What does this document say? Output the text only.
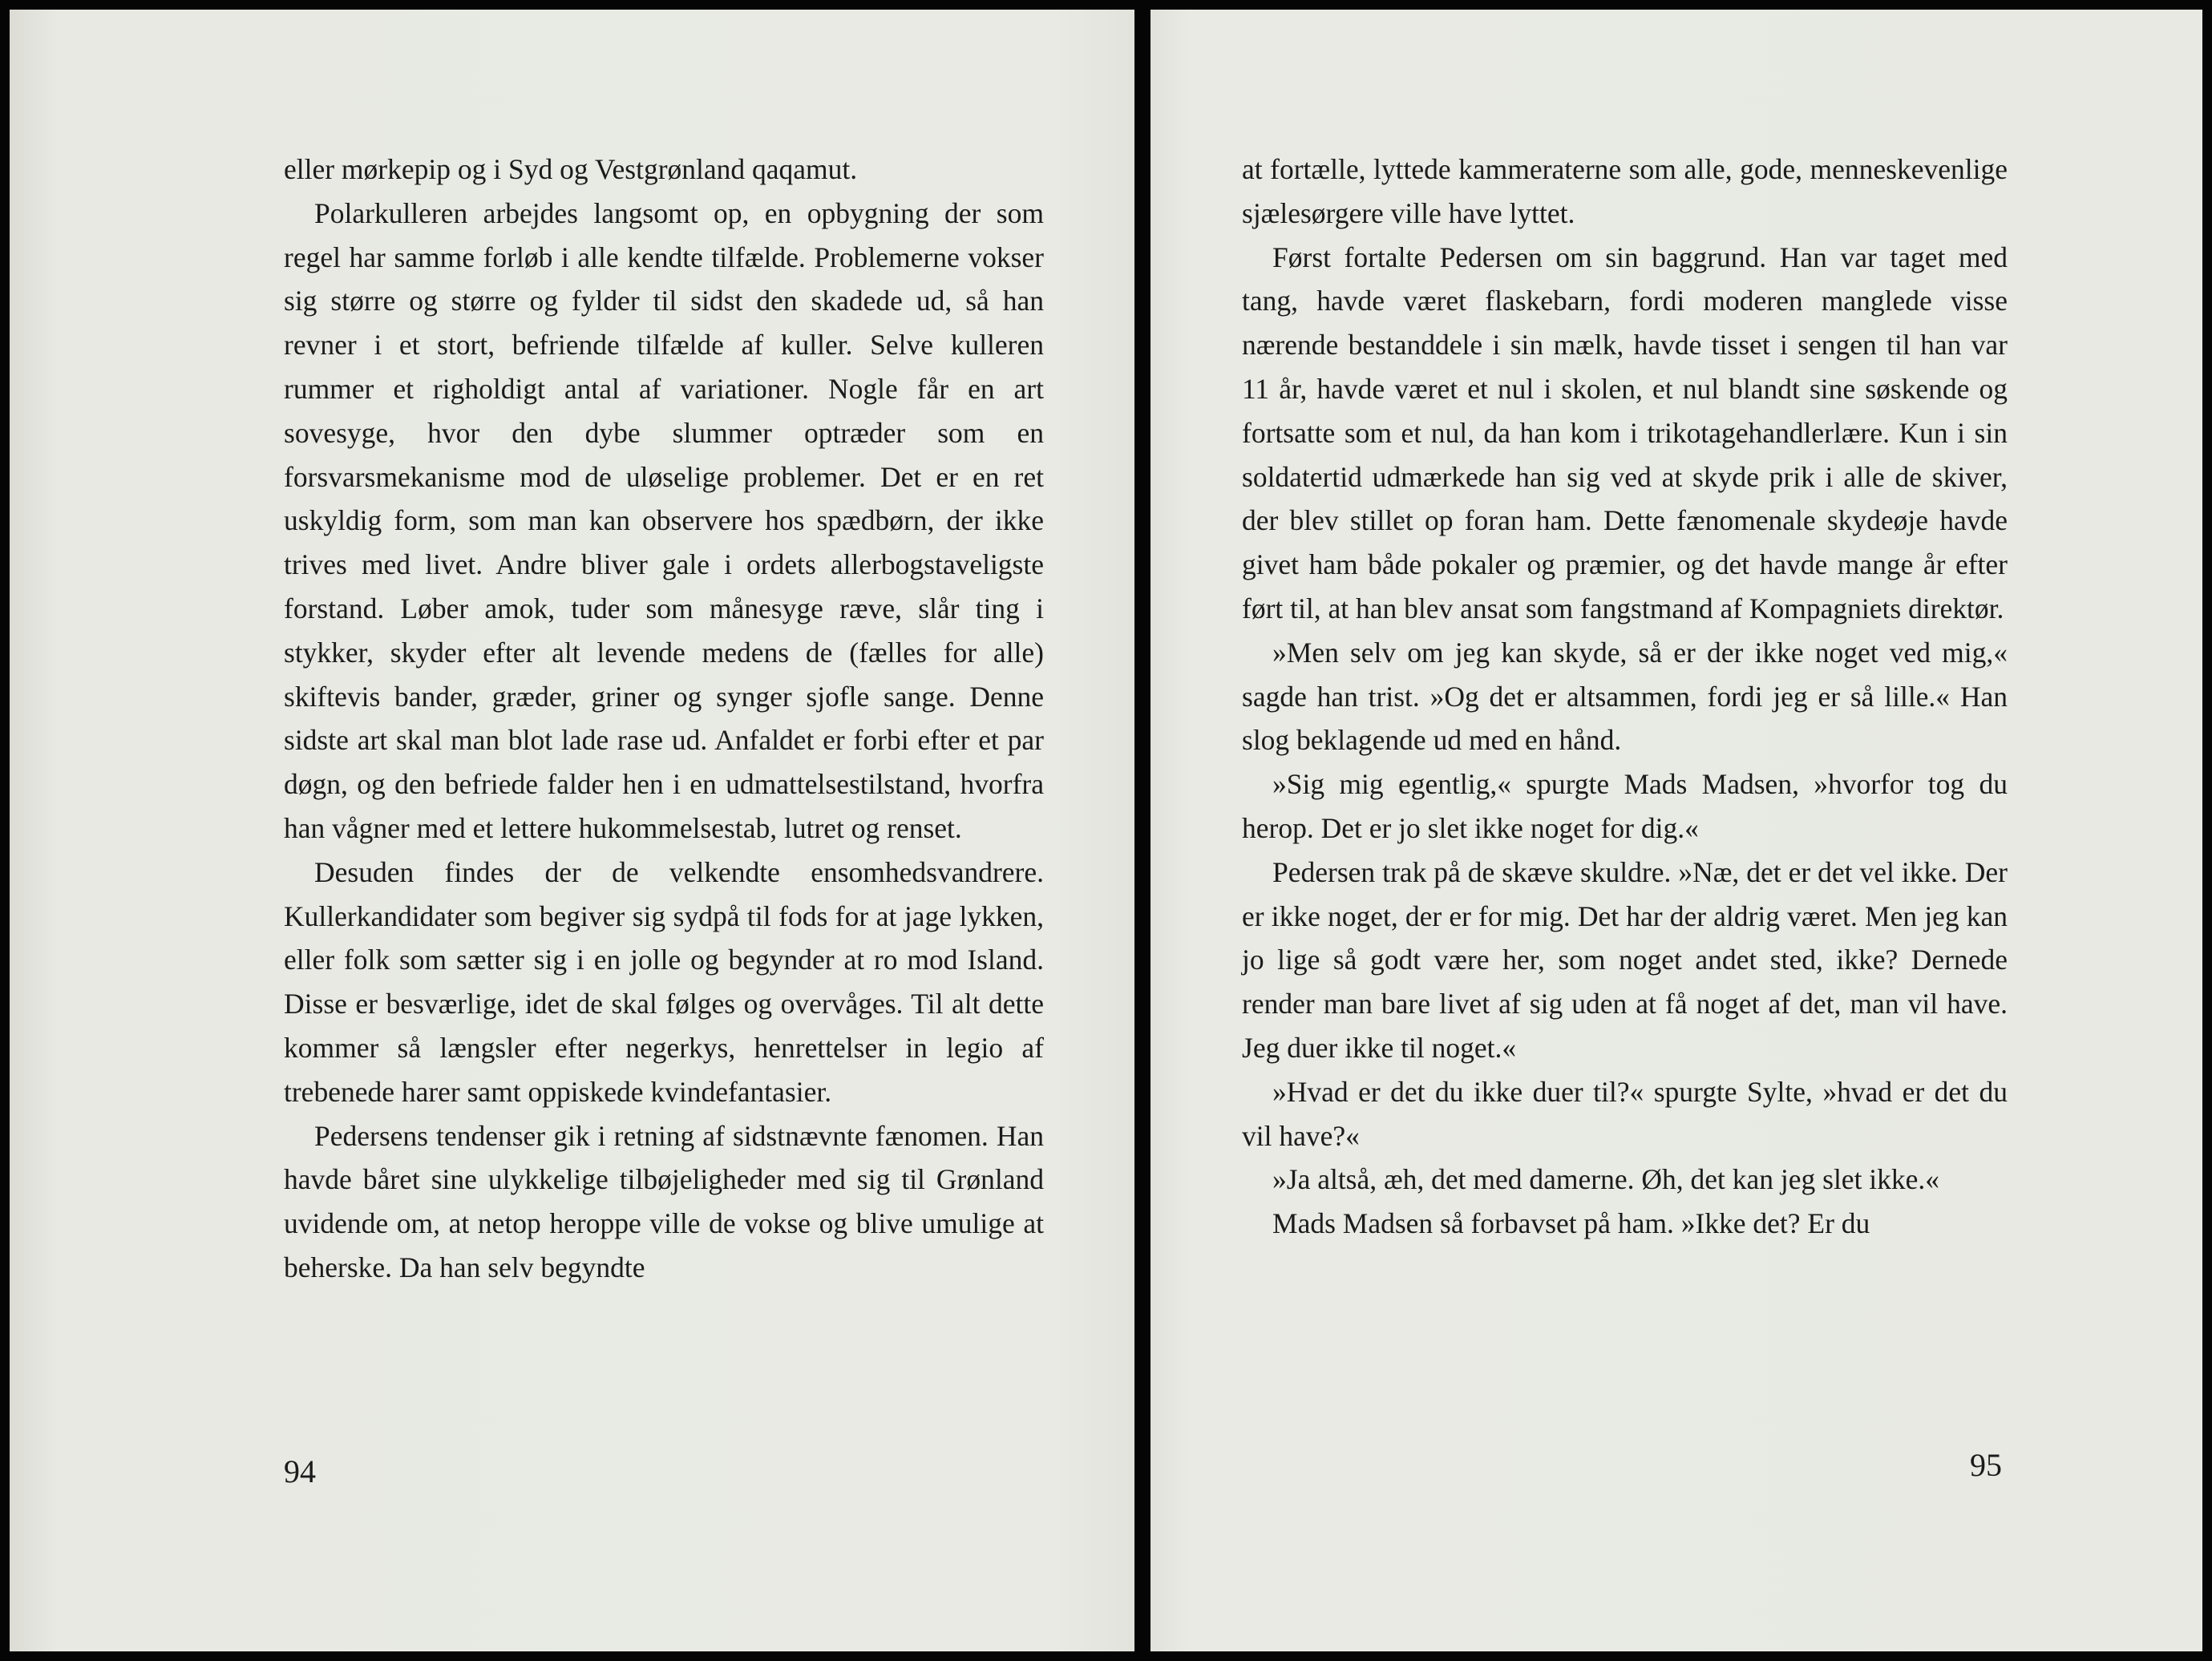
eller mørkepip og i Syd og Vestgrønland qaqamut.

Polarkulleren arbejdes langsomt op, en opbygning der som regel har samme forløb i alle kendte tilfælde. Problemerne vokser sig større og større og fylder til sidst den skadede ud, så han revner i et stort, befriende tilfælde af kuller. Selve kulleren rummer et righoldigt antal af variationer. Nogle får en art sovesyge, hvor den dybe slummer optræder som en forsvarsmekanisme mod de uløselige problemer. Det er en ret uskyldig form, som man kan observere hos spædbørn, der ikke trives med livet. Andre bliver gale i ordets allerbogstaveligste forstand. Løber amok, tuder som månesyge ræve, slår ting i stykker, skyder efter alt levende medens de (fælles for alle) skiftevis bander, græder, griner og synger sjofle sange. Denne sidste art skal man blot lade rase ud. Anfaldet er forbi efter et par døgn, og den befriede falder hen i en udmattelsestilstand, hvorfra han vågner med et lettere hukommelsestab, lutret og renset.

Desuden findes der de velkendte ensomhedsvandrere. Kullerkandidater som begiver sig sydpå til fods for at jage lykken, eller folk som sætter sig i en jolle og begynder at ro mod Island. Disse er besværlige, idet de skal følges og overvåges. Til alt dette kommer så længsler efter negerkys, henrettelser in legio af trebenede harer samt oppiskede kvindefantasier.

Pedersens tendenser gik i retning af sidstnævnte fænomen. Han havde båret sine ulykkelige tilbøjeligheder med sig til Grønland uvidende om, at netop heroppe ville de vokse og blive umulige at beherske. Da han selv begyndte

94

at fortælle, lyttede kammeraterne som alle, gode, menneskevenlige sjælesørgere ville have lyttet.

Først fortalte Pedersen om sin baggrund. Han var taget med tang, havde været flaskebarn, fordi moderen manglede visse nærende bestanddele i sin mælk, havde tisset i sengen til han var 11 år, havde været et nul i skolen, et nul blandt sine søskende og fortsatte som et nul, da han kom i trikotagehandlerlære. Kun i sin soldatertid udmærkede han sig ved at skyde prik i alle de skiver, der blev stillet op foran ham. Dette fænomenale skydeøje havde givet ham både pokaler og præmier, og det havde mange år efter ført til, at han blev ansat som fangstmand af Kompagniets direktør.

»Men selv om jeg kan skyde, så er der ikke noget ved mig,« sagde han trist. »Og det er altsammen, fordi jeg er så lille.« Han slog beklagende ud med en hånd.

»Sig mig egentlig,« spurgte Mads Madsen, »hvorfor tog du herop. Det er jo slet ikke noget for dig.«

Pedersen trak på de skæve skuldre. »Næ, det er det vel ikke. Der er ikke noget, der er for mig. Det har der aldrig været. Men jeg kan jo lige så godt være her, som noget andet sted, ikke? Dernede render man bare livet af sig uden at få noget af det, man vil have. Jeg duer ikke til noget.«

»Hvad er det du ikke duer til?« spurgte Sylte, »hvad er det du vil have?«

»Ja altså, æh, det med damerne. Øh, det kan jeg slet ikke.«

Mads Madsen så forbavset på ham. »Ikke det? Er du

95
